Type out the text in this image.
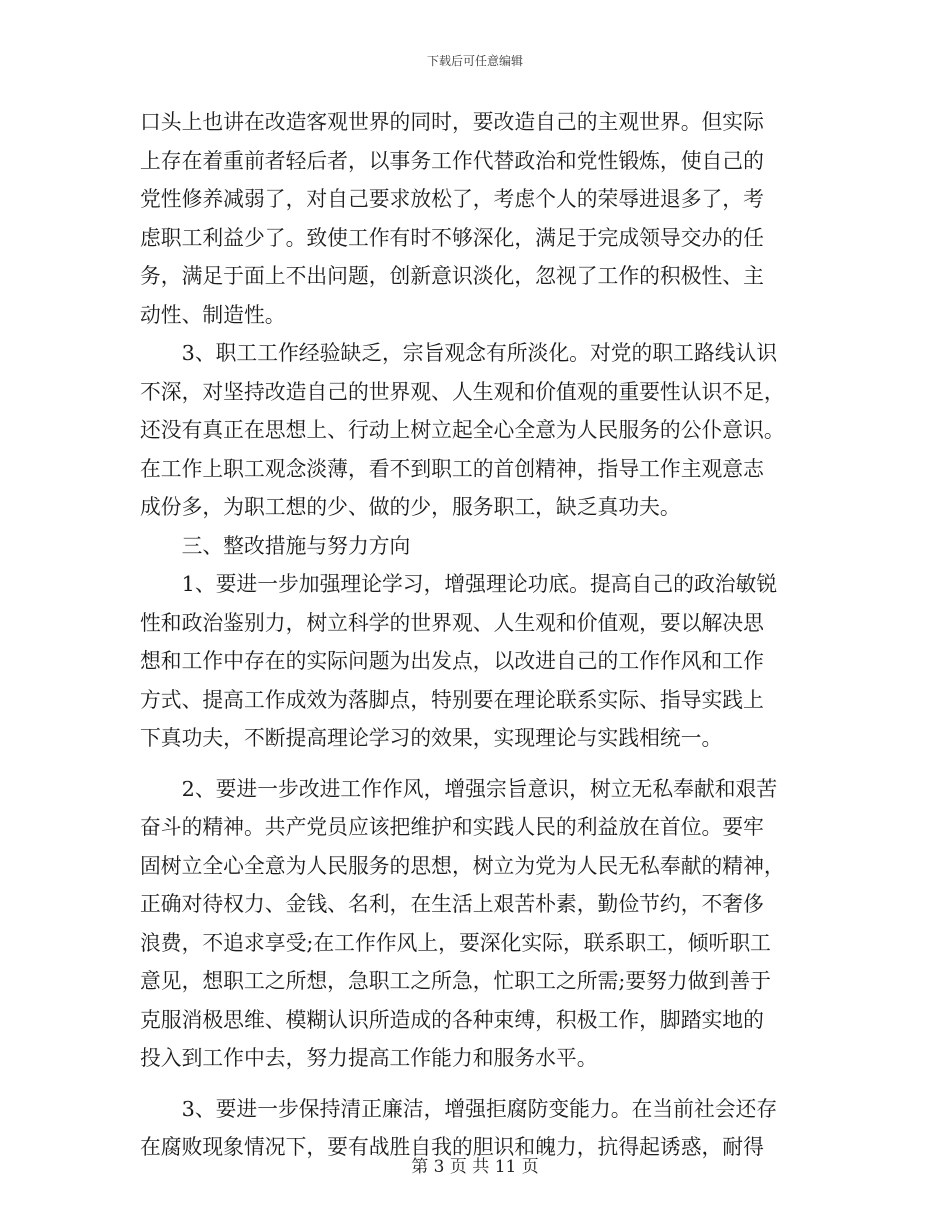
下载后可任意编辑
口头上也讲在改造客观世界的同时，要改造自己的主观世界。但实际
上存在着重前者轻后者，以事务工作代替政治和党性锻炼，使自己的
党性修养减弱了，对自己要求放松了，考虑个人的荣辱进退多了，考
虑职工利益少了。致使工作有时不够深化，满足于完成领导交办的任
务，满足于面上不出问题，创新意识淡化，忽视了工作的积极性、主
动性、制造性。
　　3、职工工作经验缺乏，宗旨观念有所淡化。对党的职工路线认识
不深，对坚持改造自己的世界观、人生观和价值观的重要性认识不足，
还没有真正在思想上、行动上树立起全心全意为人民服务的公仆意识。
在工作上职工观念淡薄，看不到职工的首创精神，指导工作主观意志
成份多，为职工想的少、做的少，服务职工，缺乏真功夫。
　　三、整改措施与努力方向
　　1、要进一步加强理论学习，增强理论功底。提高自己的政治敏锐
性和政治鉴别力，树立科学的世界观、人生观和价值观，要以解决思
想和工作中存在的实际问题为出发点，以改进自己的工作作风和工作
方式、提高工作成效为落脚点，特别要在理论联系实际、指导实践上
下真功夫，不断提高理论学习的效果，实现理论与实践相统一。
　　2、要进一步改进工作作风，增强宗旨意识，树立无私奉献和艰苦
奋斗的精神。共产党员应该把维护和实践人民的利益放在首位。要牢
固树立全心全意为人民服务的思想，树立为党为人民无私奉献的精神，
正确对待权力、金钱、名利，在生活上艰苦朴素，勤俭节约，不奢侈
浪费，不追求享受;在工作作风上，要深化实际，联系职工，倾听职工
意见，想职工之所想，急职工之所急，忙职工之所需;要努力做到善于
克服消极思维、模糊认识所造成的各种束缚，积极工作，脚踏实地的
投入到工作中去，努力提高工作能力和服务水平。
　　3、要进一步保持清正廉洁，增强拒腐防变能力。在当前社会还存
在腐败现象情况下，要有战胜自我的胆识和魄力，抗得起诱惑，耐得
第 3 页 共 11 页
